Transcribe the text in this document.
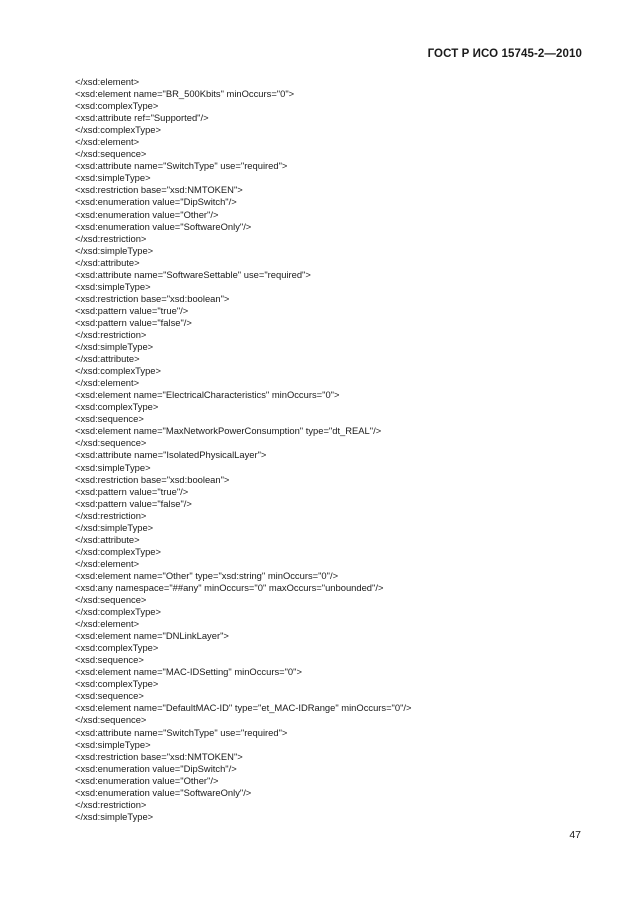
ГОСТ Р ИСО 15745-2—2010
</xsd:element>
<xsd:element name="BR_500Kbits" minOccurs="0">
<xsd:complexType>
<xsd:attribute ref="Supported"/>
</xsd:complexType>
</xsd:element>
</xsd:sequence>
<xsd:attribute name="SwitchType" use="required">
<xsd:simpleType>
<xsd:restriction base="xsd:NMTOKEN">
<xsd:enumeration value="DipSwitch"/>
<xsd:enumeration value="Other"/>
<xsd:enumeration value="SoftwareOnly"/>
</xsd:restriction>
</xsd:simpleType>
</xsd:attribute>
<xsd:attribute name="SoftwareSettable" use="required">
<xsd:simpleType>
<xsd:restriction base="xsd:boolean">
<xsd:pattern value="true"/>
<xsd:pattern value="false"/>
</xsd:restriction>
</xsd:simpleType>
</xsd:attribute>
</xsd:complexType>
</xsd:element>
<xsd:element name="ElectricalCharacteristics" minOccurs="0">
<xsd:complexType>
<xsd:sequence>
<xsd:element name="MaxNetworkPowerConsumption" type="dt_REAL"/>
</xsd:sequence>
<xsd:attribute name="IsolatedPhysicalLayer">
<xsd:simpleType>
<xsd:restriction base="xsd:boolean">
<xsd:pattern value="true"/>
<xsd:pattern value="false"/>
</xsd:restriction>
</xsd:simpleType>
</xsd:attribute>
</xsd:complexType>
</xsd:element>
<xsd:element name="Other" type="xsd:string" minOccurs="0"/>
<xsd:any namespace="##any" minOccurs="0" maxOccurs="unbounded"/>
</xsd:sequence>
</xsd:complexType>
</xsd:element>
<xsd:element name="DNLinkLayer">
<xsd:complexType>
<xsd:sequence>
<xsd:element name="MAC-IDSetting" minOccurs="0">
<xsd:complexType>
<xsd:sequence>
<xsd:element name="DefaultMAC-ID" type="et_MAC-IDRange" minOccurs="0"/>
</xsd:sequence>
<xsd:attribute name="SwitchType" use="required">
<xsd:simpleType>
<xsd:restriction base="xsd:NMTOKEN">
<xsd:enumeration value="DipSwitch"/>
<xsd:enumeration value="Other"/>
<xsd:enumeration value="SoftwareOnly"/>
</xsd:restriction>
</xsd:simpleType>
47
